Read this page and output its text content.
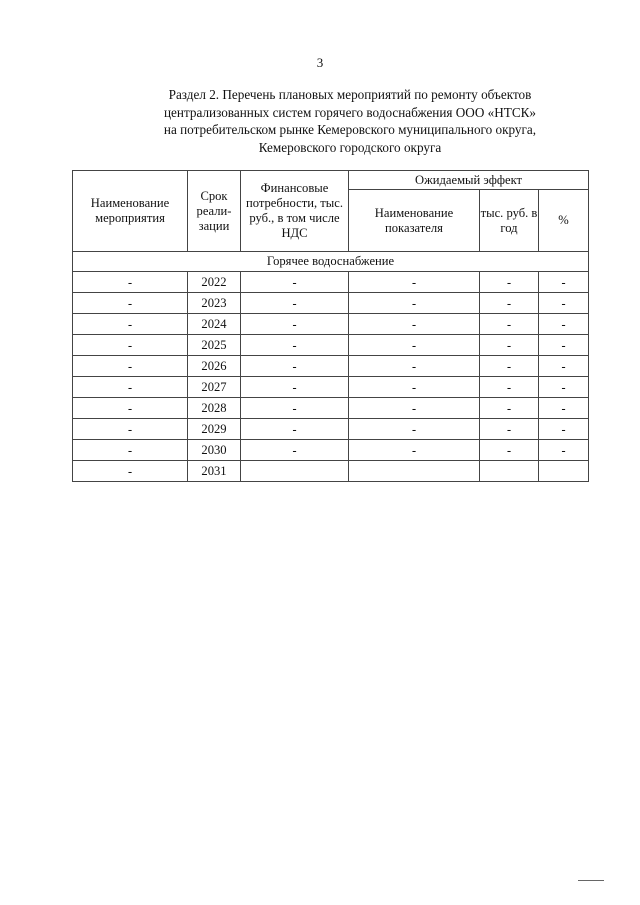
3
Раздел 2. Перечень плановых мероприятий по ремонту объектов
централизованных систем горячего водоснабжения ООО «НТСК»
на потребительском рынке Кемеровского муниципального округа,
Кемеровского городского округа
Наименование мероприятия	Срок реали-зации	Финансовые потребности, тыс. руб., в том числе НДС	Ожидаемый эффект		
			Наименование показателя	тыс. руб. в год	%
Горячее водоснабжение					
-	2022	-	-	-	-
-	2023	-	-	-	-
-	2024	-	-	-	-
-	2025	-	-	-	-
-	2026	-	-	-	-
-	2027	-	-	-	-
-	2028	-	-	-	-
-	2029	-	-	-	-
-	2030	-	-	-	-
-	2031				
